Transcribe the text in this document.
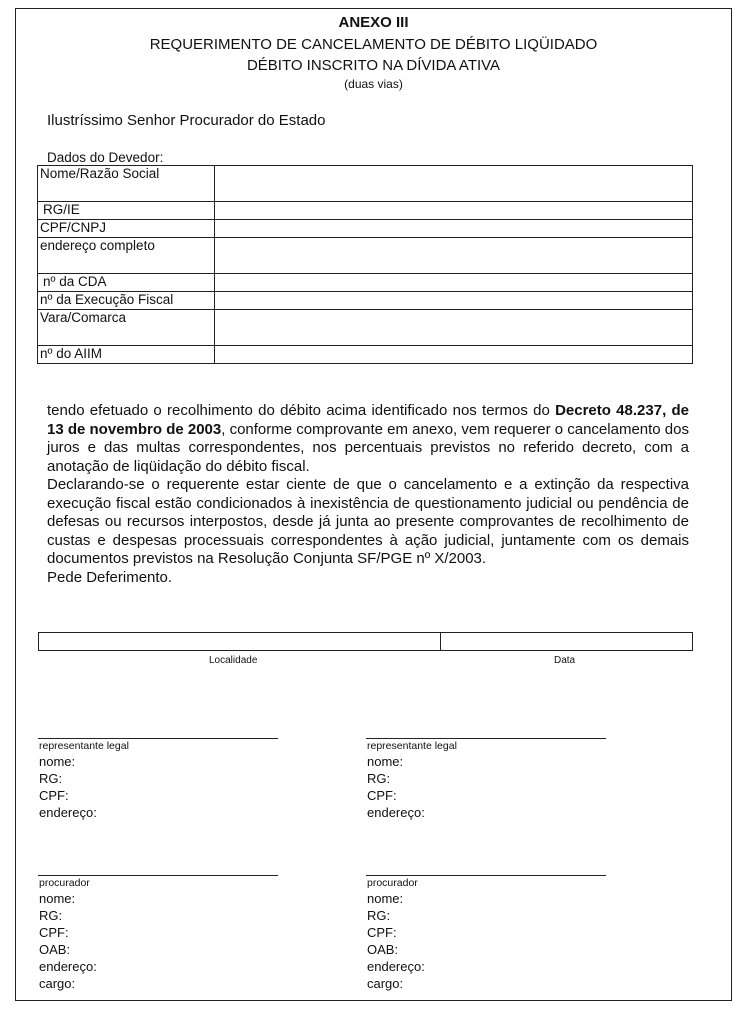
ANEXO III
REQUERIMENTO DE CANCELAMENTO DE DÉBITO LIQÜIDADO
DÉBITO INSCRITO NA DÍVIDA ATIVA
(duas vias)
Ilustríssimo Senhor Procurador do Estado
Dados do Devedor:
Nome/Razão Social	
RG/IE	
CPF/CNPJ	
endereço completo	
nº da CDA	
nº da Execução Fiscal	
Vara/Comarca	
nº do AIIM	

tendo efetuado o recolhimento do débito acima identificado nos termos do Decreto 48.237, de 13 de novembro de 2003, conforme comprovante em anexo, vem requerer o cancelamento dos juros e das multas correspondentes, nos percentuais previstos no referido decreto, com a anotação de liqüidação do débito fiscal.

Declarando-se o requerente estar ciente de que o cancelamento e a extinção da respectiva execução fiscal estão condicionados à inexistência de questionamento judicial ou pendência de defesas ou recursos interpostos, desde já junta ao presente comprovantes de recolhimento de custas e despesas processuais correspondentes à ação judicial, juntamente com os demais documentos previstos na Resolução Conjunta SF/PGE nº X/2003.

Pede Deferimento.

Localidade	Data
representante legal
nome:
RG:
CPF:
endereço:
representante legal
nome:
RG:
CPF:
endereço:
procurador
nome:
RG:
CPF:
OAB:
endereço:
cargo:
procurador
nome:
RG:
CPF:
OAB:
endereço:
cargo:
